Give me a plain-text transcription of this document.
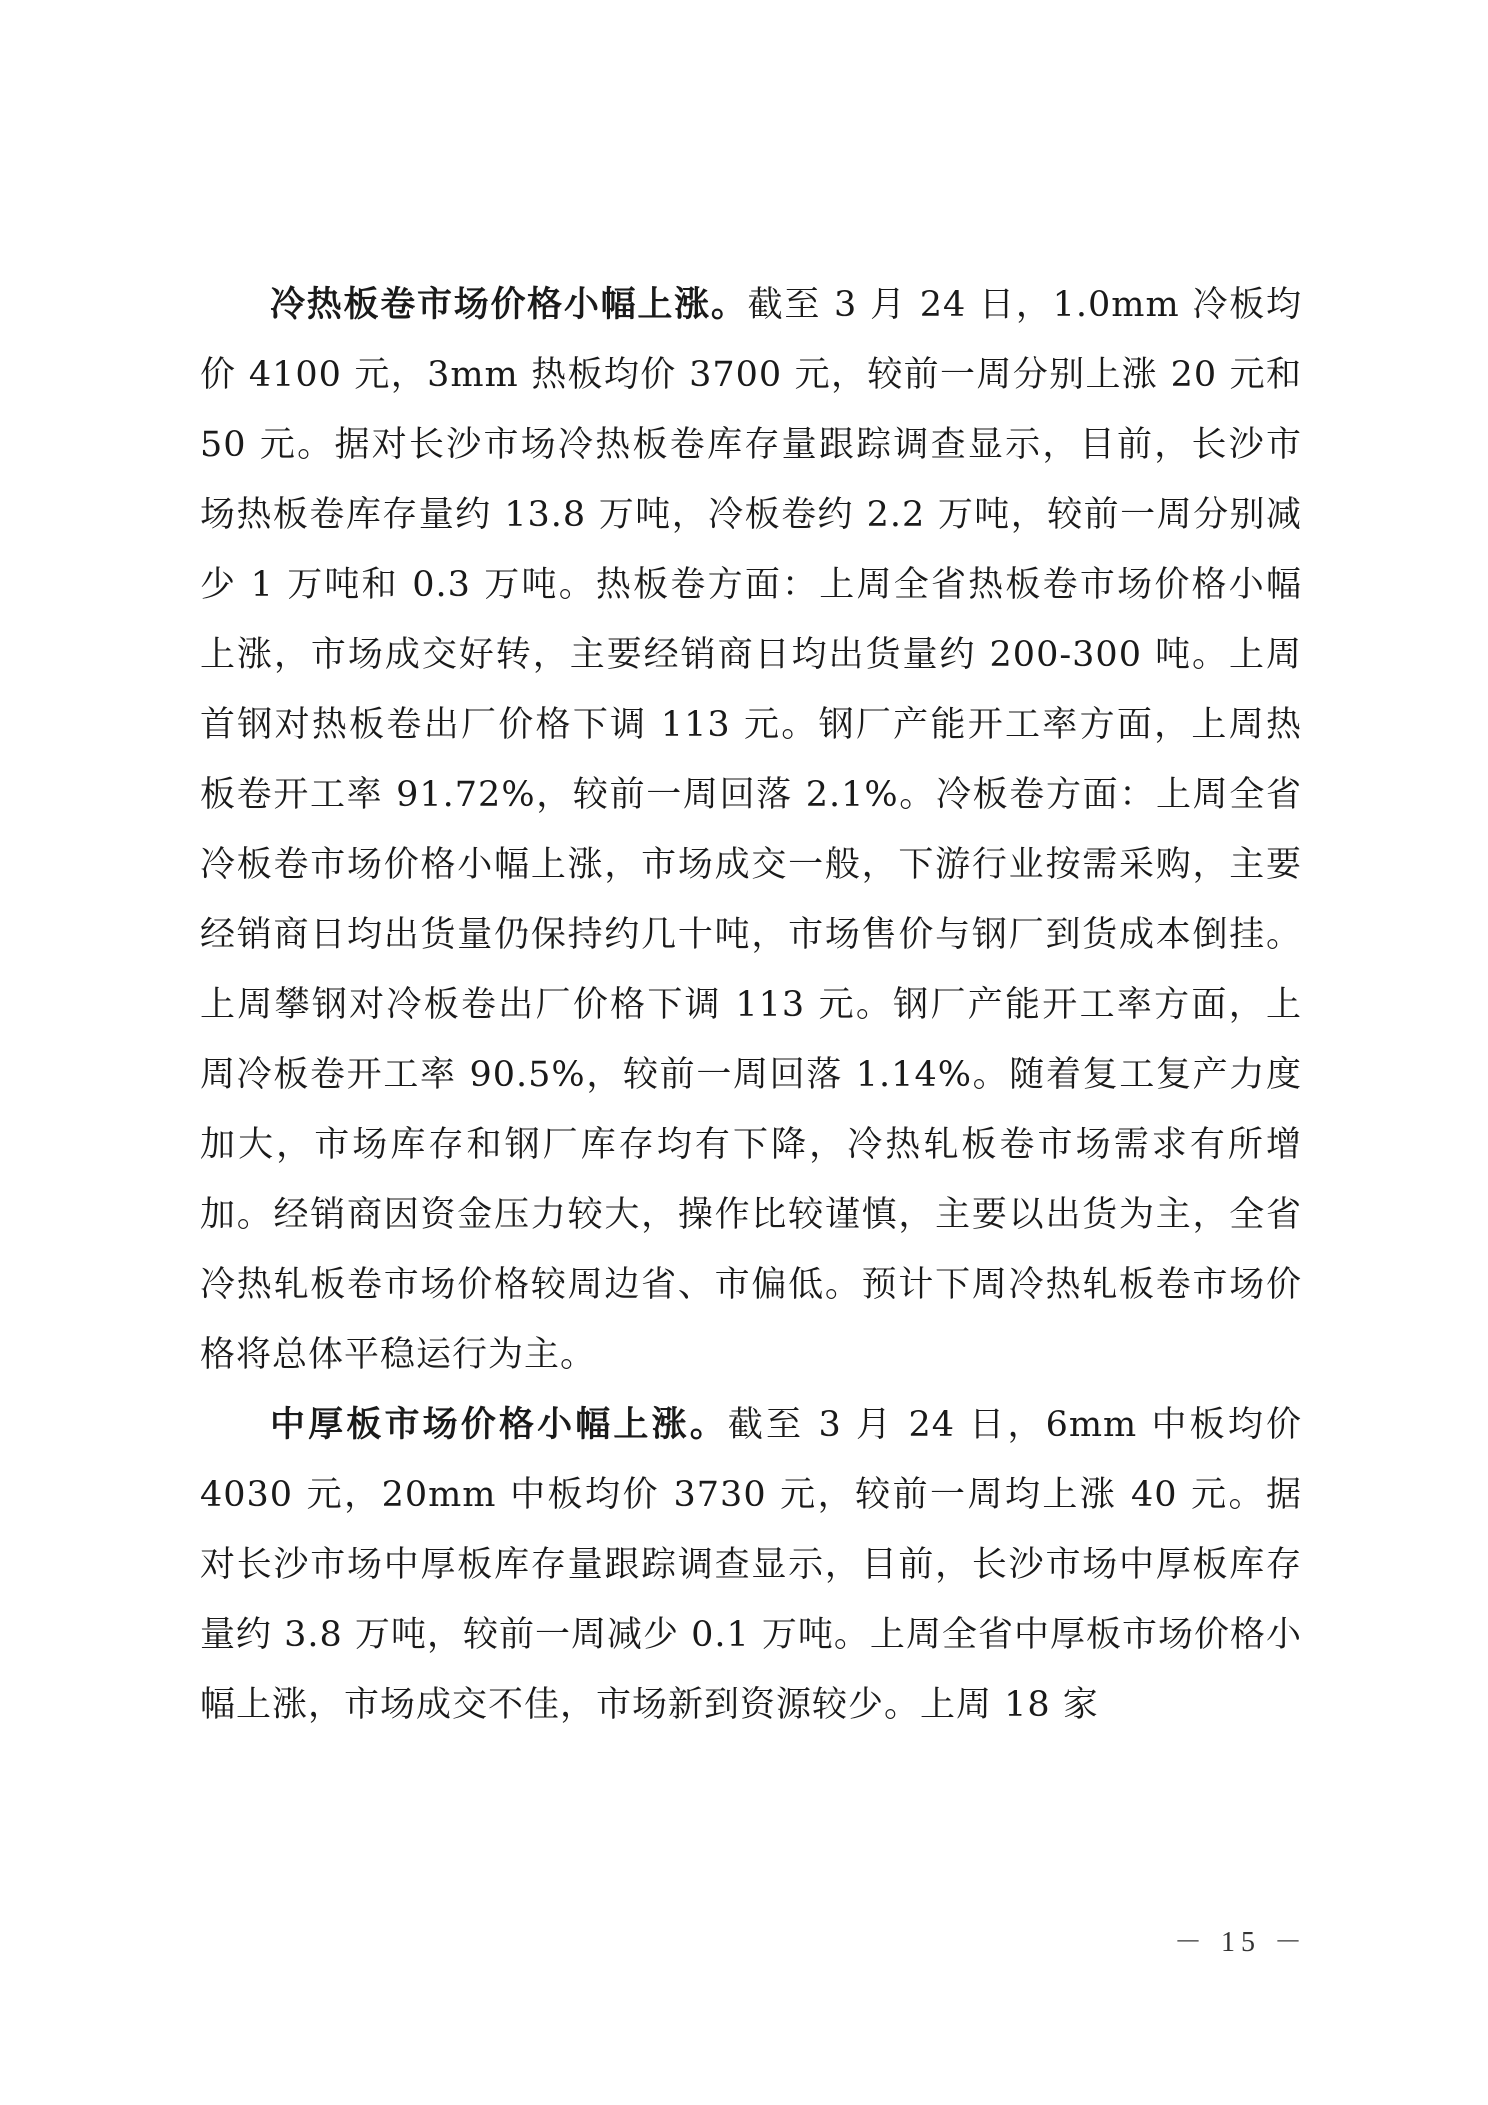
冷热板卷市场价格小幅上涨。截至 3 月 24 日，1.0mm 冷板均价 4100 元，3mm 热板均价 3700 元，较前一周分别上涨 20 元和 50 元。据对长沙市场冷热板卷库存量跟踪调查显示，目前，长沙市场热板卷库存量约 13.8 万吨，冷板卷约 2.2 万吨，较前一周分别减少 1 万吨和 0.3 万吨。热板卷方面：上周全省热板卷市场价格小幅上涨，市场成交好转，主要经销商日均出货量约 200-300 吨。上周首钢对热板卷出厂价格下调 113 元。钢厂产能开工率方面，上周热板卷开工率 91.72%，较前一周回落 2.1%。冷板卷方面：上周全省冷板卷市场价格小幅上涨，市场成交一般，下游行业按需采购，主要经销商日均出货量仍保持约几十吨，市场售价与钢厂到货成本倒挂。上周攀钢对冷板卷出厂价格下调 113 元。钢厂产能开工率方面，上周冷板卷开工率 90.5%，较前一周回落 1.14%。随着复工复产力度加大，市场库存和钢厂库存均有下降，冷热轧板卷市场需求有所增加。经销商因资金压力较大，操作比较谨慎，主要以出货为主，全省冷热轧板卷市场价格较周边省、市偏低。预计下周冷热轧板卷市场价格将总体平稳运行为主。

中厚板市场价格小幅上涨。截至 3 月 24 日，6mm 中板均价 4030 元，20mm 中板均价 3730 元，较前一周均上涨 40 元。据对长沙市场中厚板库存量跟踪调查显示，目前，长沙市场中厚板库存量约 3.8 万吨，较前一周减少 0.1 万吨。上周全省中厚板市场价格小幅上涨，市场成交不佳，市场新到资源较少。上周 18 家

－ 15 －
